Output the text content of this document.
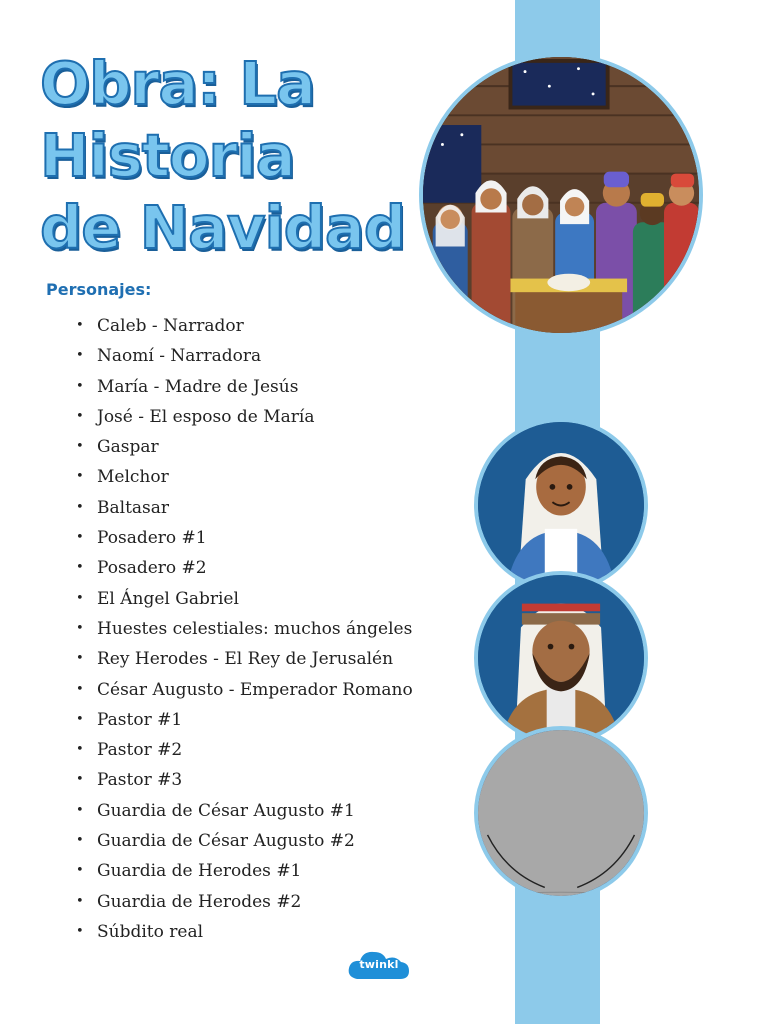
Obra: La
Historia
de Navidad
Personajes:
• Caleb - Narrador
• Naomí - Narradora
• María - Madre de Jesús
• José - El esposo de María
• Gaspar
• Melchor
• Baltasar
• Posadero #1
• Posadero #2
• El Ángel Gabriel
• Huestes celestiales: muchos ángeles
• Rey Herodes - El Rey de Jerusalén
• César Augusto - Emperador Romano
• Pastor #1
• Pastor #2
• Pastor #3
• Guardia de César Augusto #1
• Guardia de César Augusto #2
• Guardia de Herodes #1
• Guardia de Herodes #2
• Súbdito real
twinkl
